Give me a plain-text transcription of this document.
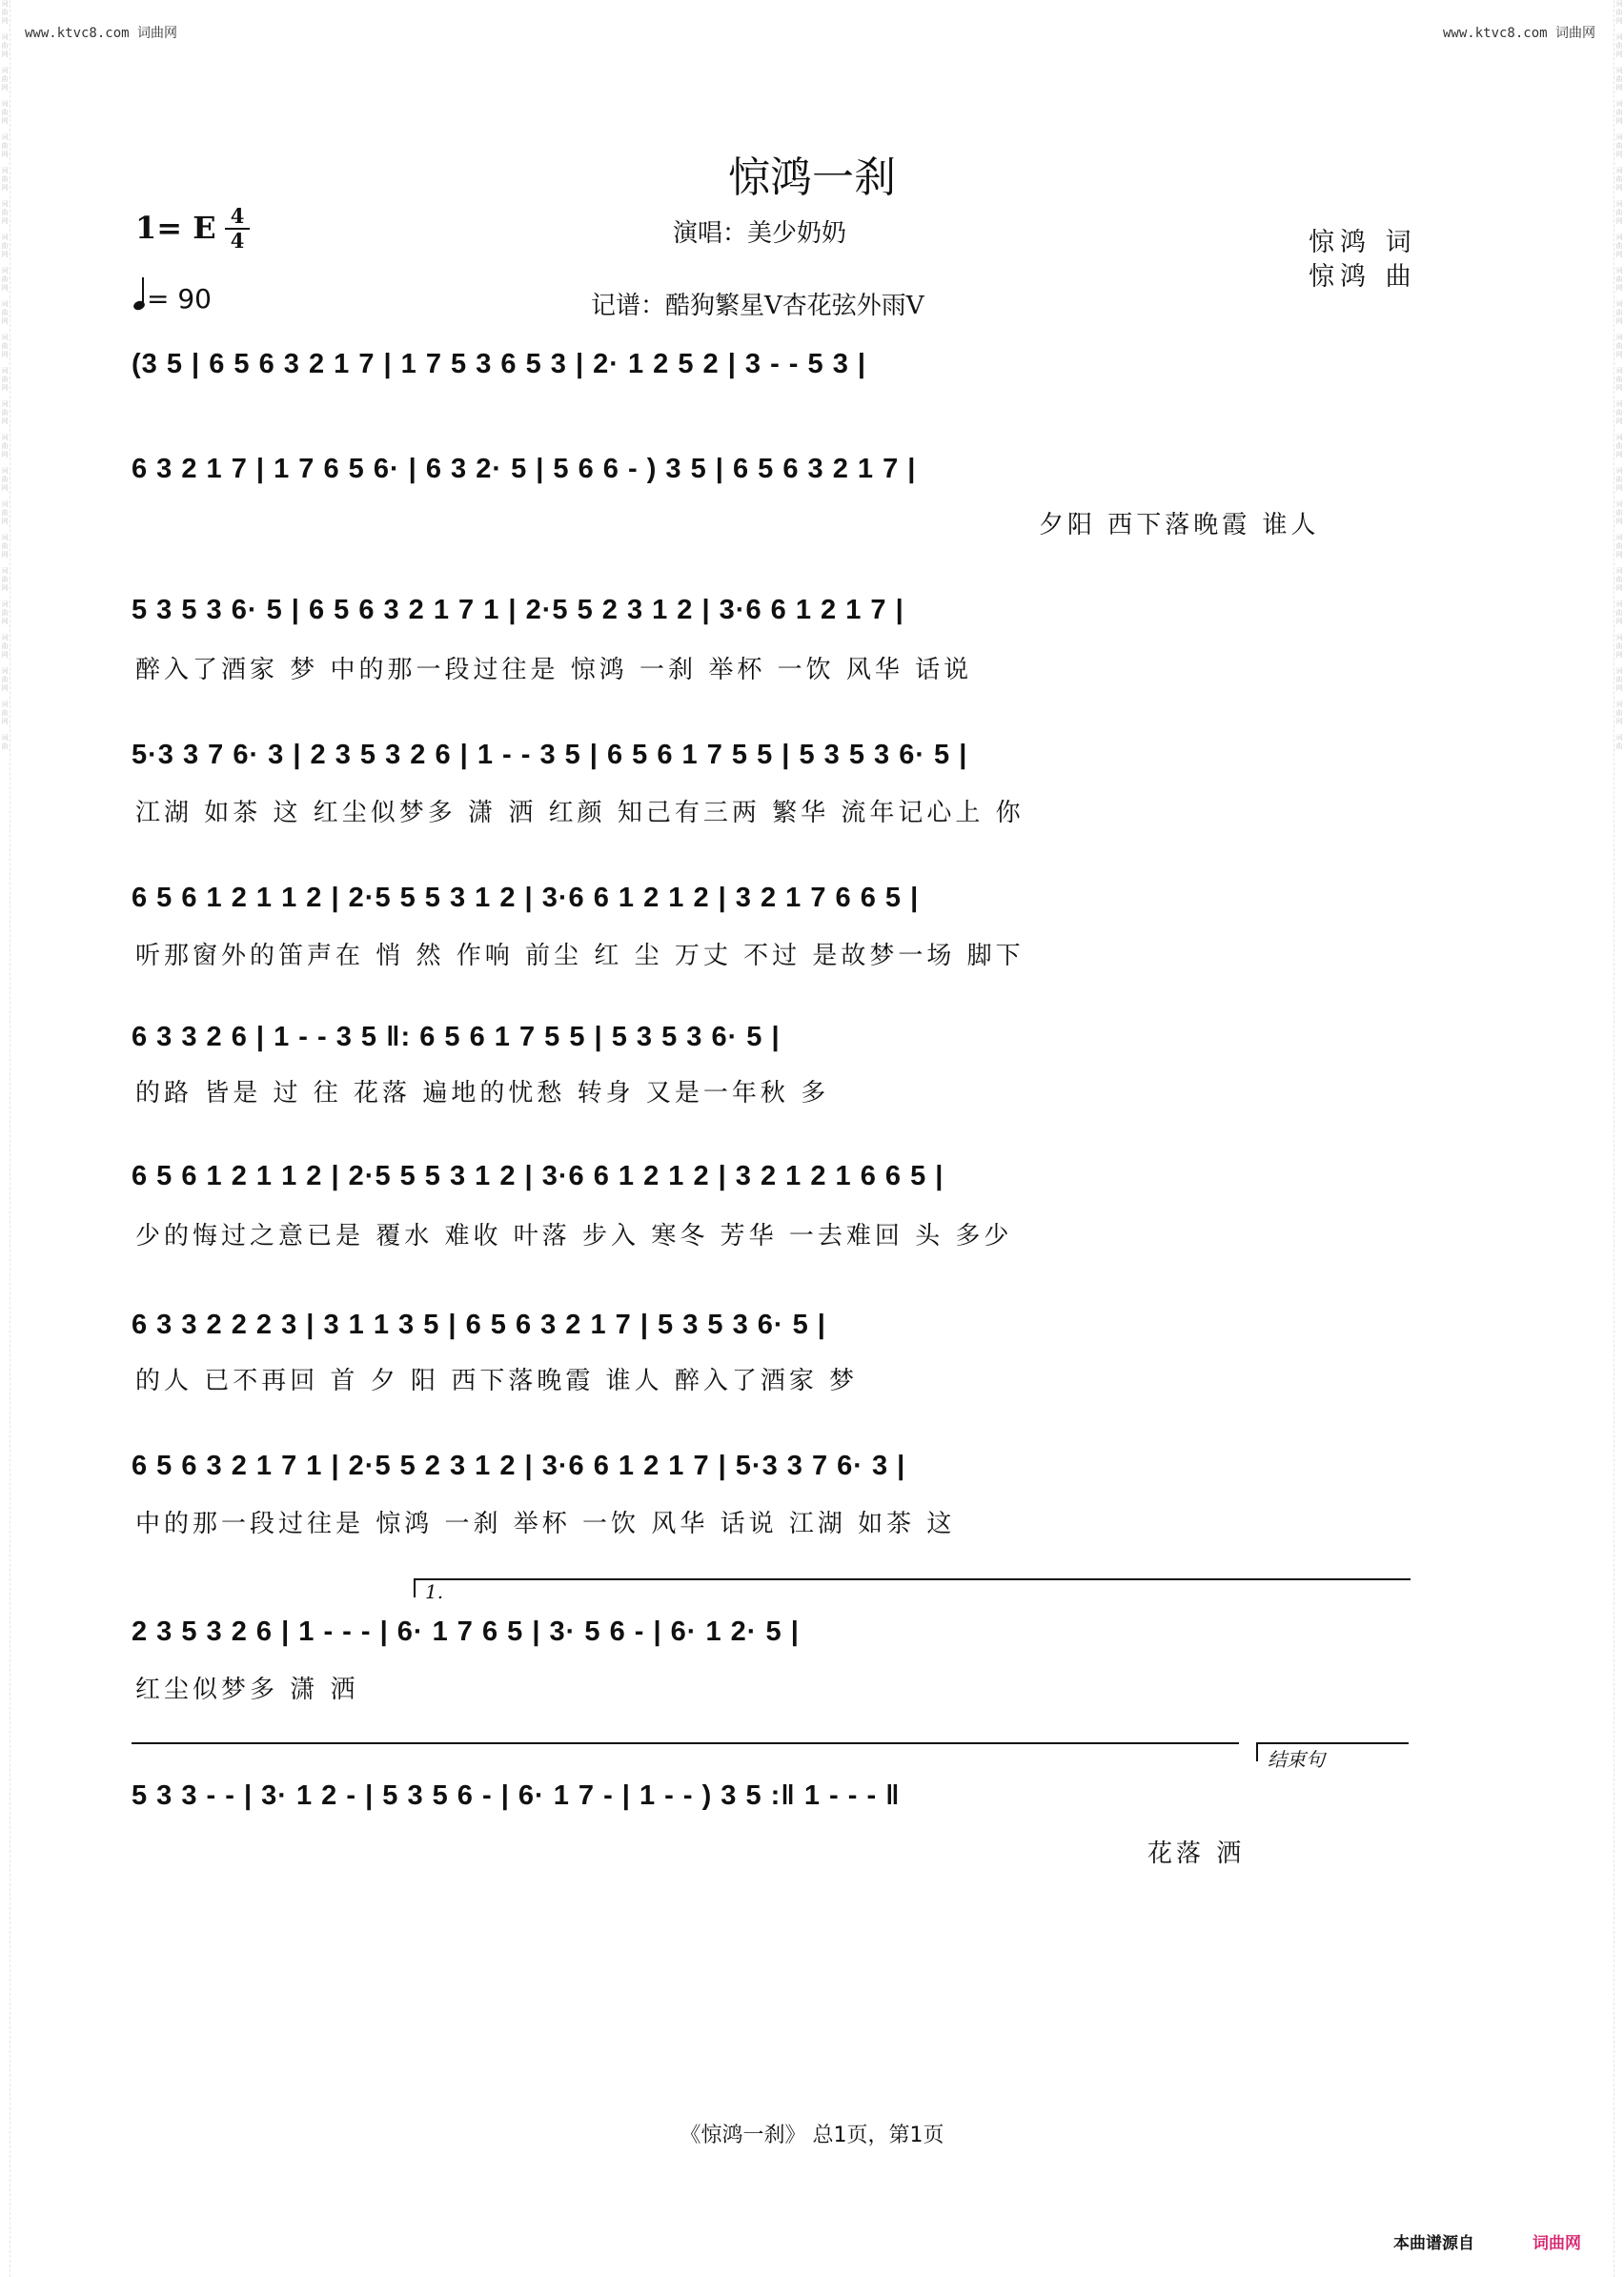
www.ktvc8.com 词曲网	www.ktvc8.com 词曲网
词
曲
网
词
曲
网
词
曲
网
词
曲
网
词
曲
网
词
曲
网
词
曲
网
词
曲
网
词
曲
网
词
曲
网
词
曲
网
词
曲
网
词
曲
网
词
曲
网
词
曲
网
词
曲
网
词
曲
网
词
曲
网
词
曲
网
词
曲
网
词
曲
网
词
曲
网
词
曲
词
曲
网
词
曲
网
词
曲
网
词
曲
网
词
曲
网
词
曲
网
词
曲
网
词
曲
网
词
曲
网
词
曲
网
词
曲
网
词
曲
网
词
曲
网
词
曲
网
词
曲
网
词
曲
网
词
曲
网
词
曲
网
词
曲
网
词
曲
网
词
曲
网
词
曲
网
词
曲
惊鸿一刹
1= E 4
4
= 90
演唱：美少奶奶
记谱：酷狗繁星V杏花弦外雨V
惊鸿 词
惊鸿 曲
(3 5 | 6 5 6 3 2 1 7 | 1 7 5 3 6 5 3 | 2· 1 2 5 2 | 3 - - 5 3 |
6 3 2 1 7 | 1 7 6 5 6· | 6 3 2· 5 | 5 6 6 - ) 3 5 | 6 5 6 3 2 1 7 |
夕阳 西下落晚霞 谁人
5 3 5 3 6· 5 | 6 5 6 3 2 1 7 1 | 2·5 5 2 3 1 2 | 3·6 6 1 2 1 7 |
醉入了酒家 梦 中的那一段过往是 惊鸿 一刹 举杯 一饮 风华 话说
5·3 3 7 6· 3 | 2 3 5 3 2 6 | 1 - - 3 5 | 6 5 6 1 7 5 5 | 5 3 5 3 6· 5 |
江湖 如茶 这 红尘似梦多 潇 洒 红颜 知己有三两 繁华 流年记心上 你
6 5 6 1 2 1 1 2 | 2·5 5 5 3 1 2 | 3·6 6 1 2 1 2 | 3 2 1 7 6 6 5 |
听那窗外的笛声在 悄 然 作响 前尘 红 尘 万丈 不过 是故梦一场 脚下
6 3 3 2 6 | 1 - - 3 5 ‖: 6 5 6 1 7 5 5 | 5 3 5 3 6· 5 |
的路 皆是 过 往 花落 遍地的忧愁 转身 又是一年秋 多
6 5 6 1 2 1 1 2 | 2·5 5 5 3 1 2 | 3·6 6 1 2 1 2 | 3 2 1 2 1 6 6 5 |
少的悔过之意已是 覆水 难收 叶落 步入 寒冬 芳华 一去难回 头 多少
6 3 3 2 2 2 3 | 3 1 1 3 5 | 6 5 6 3 2 1 7 | 5 3 5 3 6· 5 |
的人 已不再回 首 夕 阳 西下落晚霞 谁人 醉入了酒家 梦
6 5 6 3 2 1 7 1 | 2·5 5 2 3 1 2 | 3·6 6 1 2 1 7 | 5·3 3 7 6· 3 |
中的那一段过往是 惊鸿 一刹 举杯 一饮 风华 话说 江湖 如茶 这
1.
2 3 5 3 2 6 | 1 - - - | 6· 1 7 6 5 | 3· 5 6 - | 6· 1 2· 5 |
红尘似梦多 潇 洒
结束句
5 3 3 - - | 3· 1 2 - | 5 3 5 6 - | 6· 1 7 - | 1 - - ) 3 5 :‖ 1 - - - ‖
花落 洒
《惊鸿一刹》 总1页，第1页
本曲谱源自	词曲网
